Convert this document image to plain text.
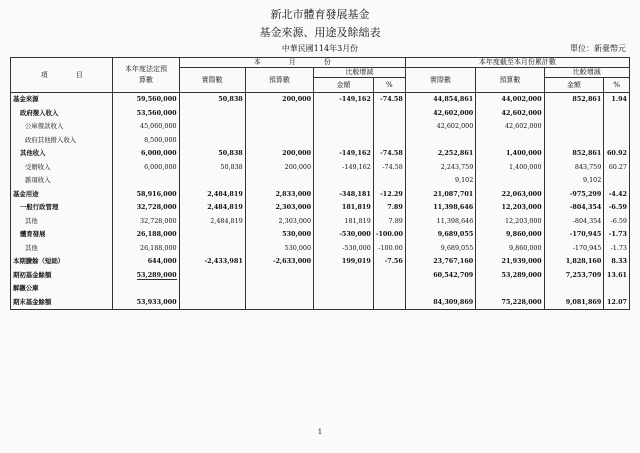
新北市體育發展基金
基金來源、用途及餘絀表
中華民國114年3月份	單位：新臺幣元
項　　　　目	本年度法定預算數	本　　　　月　　　　份				本年度截至本月份累計數			
		實際數	預算數	比較增減		實際數	預算數	比較增減	
				金額	%			金額	%
基金來源	59,560,000	50,838	200,000	-149,162	-74.58	44,854,861	44,002,000	852,861	1.94
政府撥入收入	53,560,000					42,602,000	42,602,000		
公庫撥款收入	45,060,000					42,602,000	42,602,000		
政府其他撥入收入	8,500,000								
其他收入	6,000,000	50,838	200,000	-149,162	-74.58	2,252,861	1,400,000	852,861	60.92
受贈收入	6,000,000	50,838	200,000	-149,162	-74.58	2,243,759	1,400,000	843,759	60.27
雜項收入						9,102		9,102	
基金用途	58,916,000	2,484,819	2,833,000	-348,181	-12.29	21,087,701	22,063,000	-975,299	-4.42
一般行政管理	32,728,000	2,484,819	2,303,000	181,819	7.89	11,398,646	12,203,000	-804,354	-6.59
其他	32,728,000	2,484,819	2,303,000	181,819	7.89	11,398,646	12,203,000	-804,354	-6.59
體育發展	26,188,000		530,000	-530,000	-100.00	9,689,055	9,860,000	-170,945	-1.73
其他	26,188,000		530,000	-530,000	-100.00	9,689,055	9,860,000	-170,945	-1.73
本期賸餘（短絀）	644,000	-2,433,981	-2,633,000	199,019	-7.56	23,767,160	21,939,000	1,828,160	8.33
期初基金餘額	53,289,000					60,542,709	53,289,000	7,253,709	13.61
解繳公庫									
期末基金餘額	53,933,000					84,309,869	75,228,000	9,081,869	12.07
1
